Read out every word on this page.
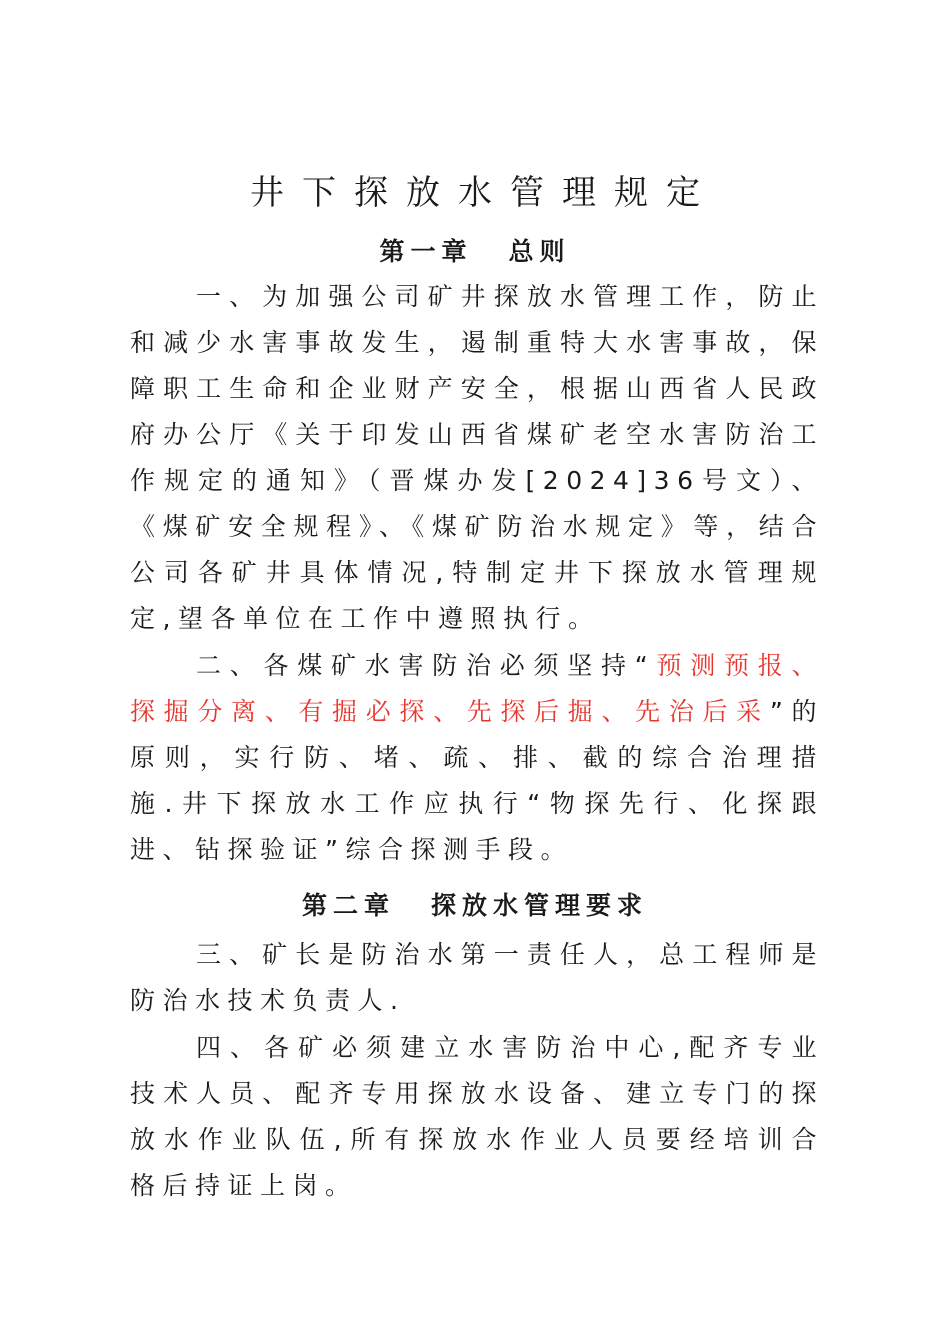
井下探放水管理规定
第一章 总则
一、为加强公司矿井探放水管理工作，防止和减少水害事故发生，遏制重特大水害事故，保障职工生命和企业财产安全，根据山西省人民政府办公厅《关于印发山西省煤矿老空水害防治工作规定的通知》（晋煤办发[2024]36号文）、《煤矿安全规程》、《煤矿防治水规定》等，结合公司各矿井具体情况,特制定井下探放水管理规定,望各单位在工作中遵照执行。
二、各煤矿水害防治必须坚持“预测预报、探掘分离、有掘必探、先探后掘、先治后采”的原则，实行防、堵、疏、排、截的综合治理措施.井下探放水工作应执行“物探先行、化探跟进、钻探验证”综合探测手段。
第二章 探放水管理要求
三、矿长是防治水第一责任人，总工程师是防治水技术负责人.
四、各矿必须建立水害防治中心,配齐专业技术人员、配齐专用探放水设备、建立专门的探放水作业队伍,所有探放水作业人员要经培训合格后持证上岗。
